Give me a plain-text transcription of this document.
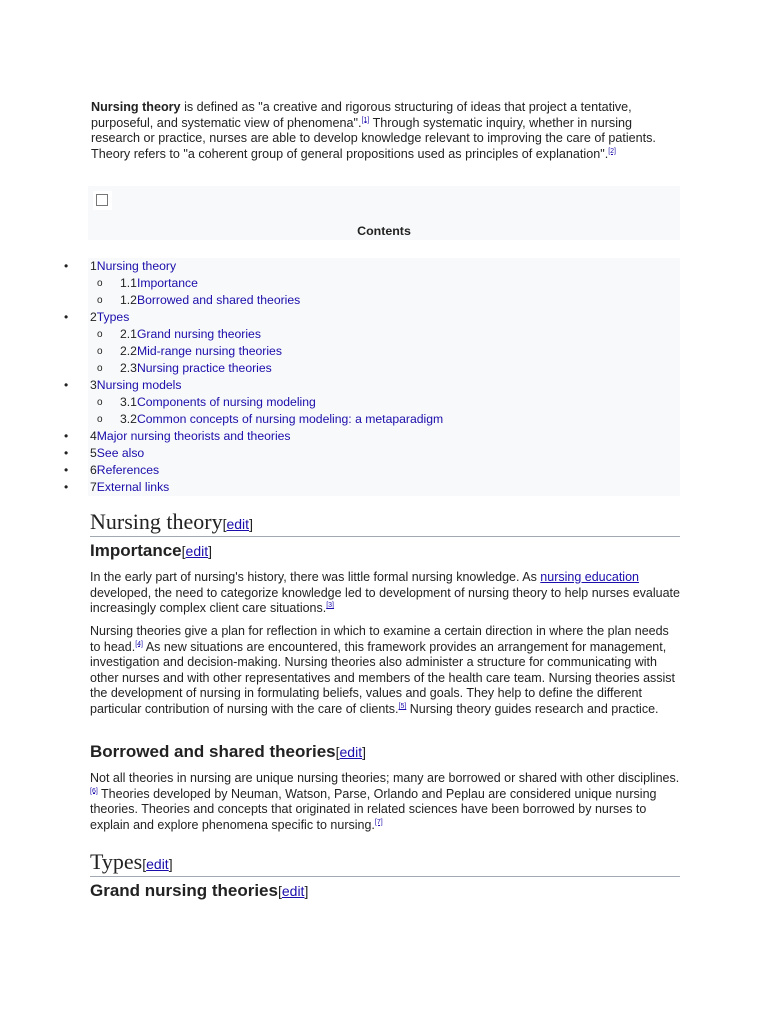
Nursing theory is defined as "a creative and rigorous structuring of ideas that project a tentative, purposeful, and systematic view of phenomena".[1] Through systematic inquiry, whether in nursing research or practice, nurses are able to develop knowledge relevant to improving the care of patients. Theory refers to "a coherent group of general propositions used as principles of explanation".[2]
Contents
• 1Nursing theory
o 1.1Importance
o 1.2Borrowed and shared theories
• 2Types
o 2.1Grand nursing theories
o 2.2Mid-range nursing theories
o 2.3Nursing practice theories
• 3Nursing models
o 3.1Components of nursing modeling
o 3.2Common concepts of nursing modeling: a metaparadigm
• 4Major nursing theorists and theories
• 5See also
• 6References
• 7External links
Nursing theory[edit]
Importance[edit]

In the early part of nursing's history, there was little formal nursing knowledge. As nursing education developed, the need to categorize knowledge led to development of nursing theory to help nurses evaluate increasingly complex client care situations.[3]

Nursing theories give a plan for reflection in which to examine a certain direction in where the plan needs to head.[4] As new situations are encountered, this framework provides an arrangement for management, investigation and decision-making. Nursing theories also administer a structure for communicating with other nurses and with other representatives and members of the health care team. Nursing theories assist the development of nursing in formulating beliefs, values and goals. They help to define the different particular contribution of nursing with the care of clients.[5] Nursing theory guides research and practice.

Borrowed and shared theories[edit]

Not all theories in nursing are unique nursing theories; many are borrowed or shared with other disciplines.[6] Theories developed by Neuman, Watson, Parse, Orlando and Peplau are considered unique nursing theories. Theories and concepts that originated in related sciences have been borrowed by nurses to explain and explore phenomena specific to nursing.[7]

Types[edit]
Grand nursing theories[edit]
